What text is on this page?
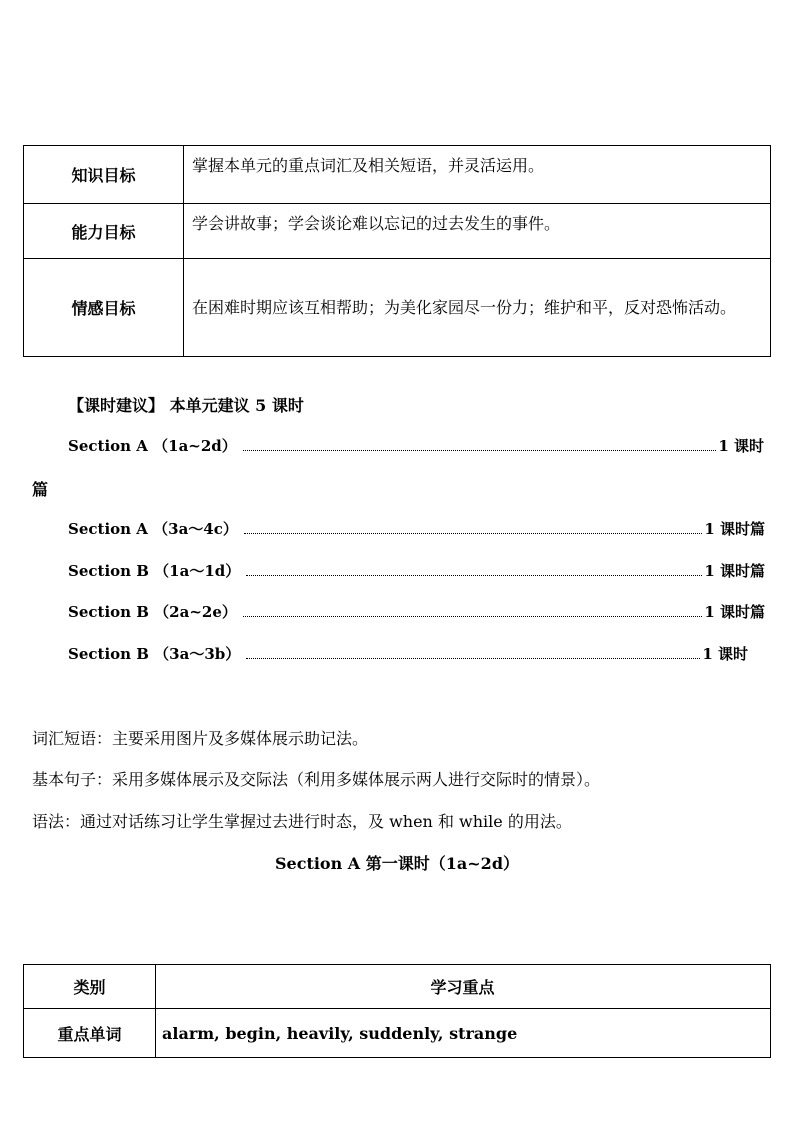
知识目标	掌握本单元的重点词汇及相关短语，并灵活运用。
能力目标	学会讲故事；学会谈论难以忘记的过去发生的事件。
情感目标	在困难时期应该互相帮助；为美化家园尽一份力；维护和平，反对恐怖活动。
【课时建议】 本单元建议 5 课时
Section A （1a~2d）	1 课时
篇
Section A （3a～4c）	1 课时篇
Section B （1a～1d）	1 课时篇
Section B （2a~2e）	1 课时篇
Section B （3a～3b）	1 课时
词汇短语：主要采用图片及多媒体展示助记法。
基本句子：采用多媒体展示及交际法（利用多媒体展示两人进行交际时的情景）。
语法：通过对话练习让学生掌握过去进行时态，及 when 和 while 的用法。
Section A 第一课时（1a~2d）
类别	学习重点
重点单词	alarm, begin, heavily, suddenly, strange
